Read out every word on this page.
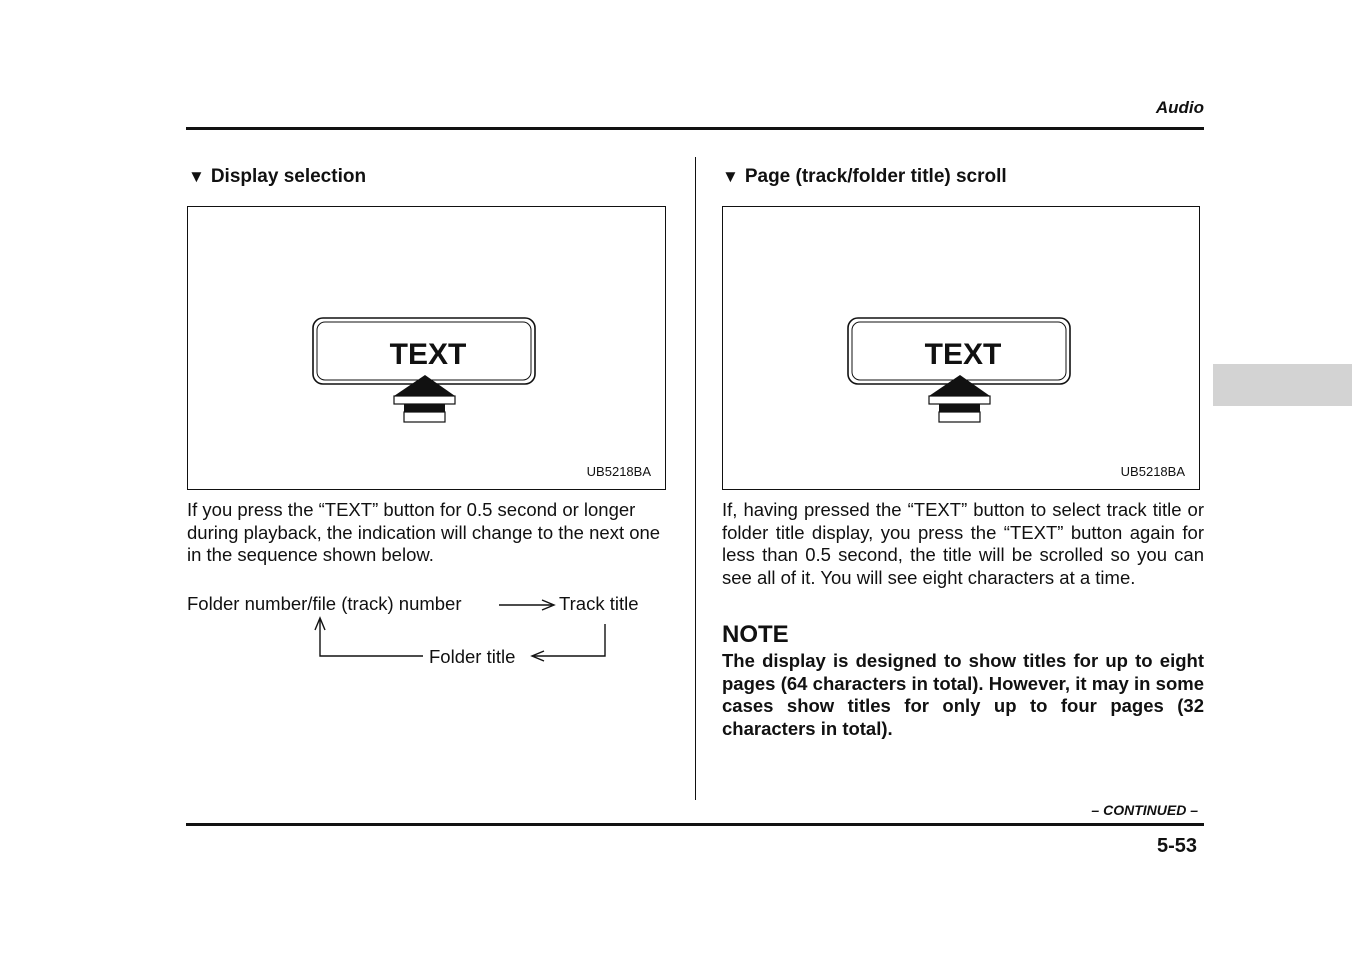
Audio
▼ Display selection
TEXT
UB5218BA
If you press the “TEXT” button for 0.5 second or longer during playback, the indication will change to the next one in the sequence shown below.
Folder number/file (track) number	Track title
Folder title
▼ Page (track/folder title) scroll
TEXT
UB5218BA
If, having pressed the “TEXT” button to select track title or folder title display, you press the “TEXT” button again for less than 0.5 second, the title will be scrolled so you can see all of it. You will see eight characters at a time.
NOTE
The display is designed to show titles for up to eight pages (64 characters in total). However, it may in some cases show titles for only up to four pages (32 characters in total).
– CONTINUED –
5-53
